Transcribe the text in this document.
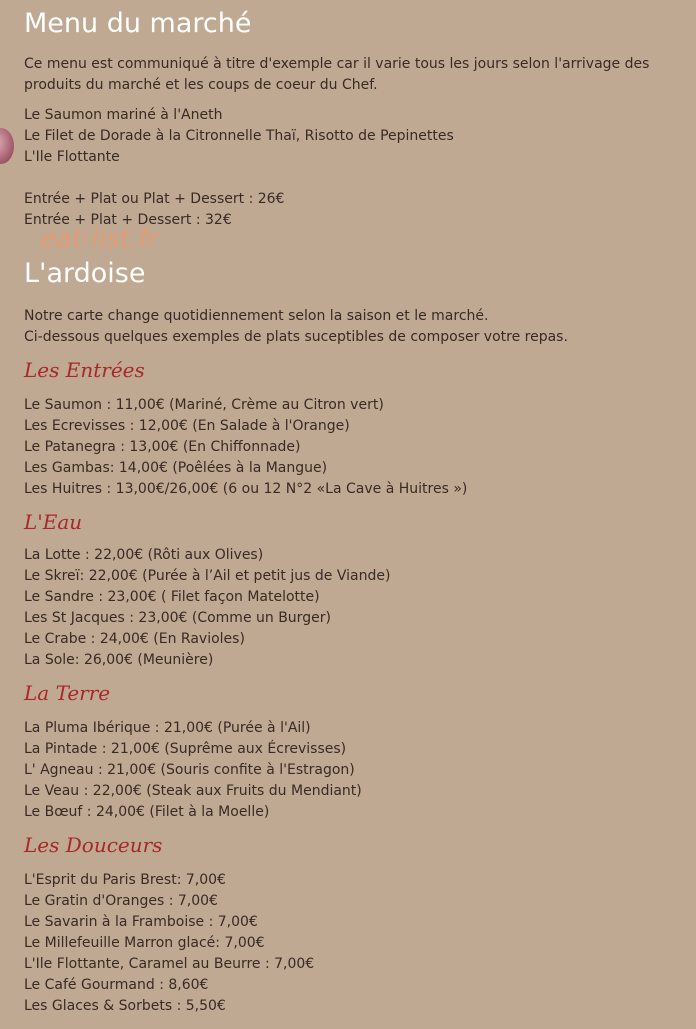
eat-list.fr
Menu du marché

Ce menu est communiqué à titre d'exemple car il varie tous les jours selon l'arrivage des produits du marché et les coups de coeur du Chef.

Le Saumon mariné à l'Aneth
Le Filet de Dorade à la Citronnelle Thaï, Risotto de Pepinettes
L'Ile Flottante
Entrée + Plat ou Plat + Dessert : 26€
Entrée + Plat + Dessert : 32€
L'ardoise

Notre carte change quotidiennement selon la saison et le marché.

Ci-dessous quelques exemples de plats suceptibles de composer votre repas.

Les Entrées
Le Saumon : 11,00€ (Mariné, Crème au Citron vert)
Les Ecrevisses : 12,00€ (En Salade à l'Orange)
Le Patanegra : 13,00€ (En Chiffonnade)
Les Gambas: 14,00€ (Poêlées à la Mangue)
Les Huitres : 13,00€/26,00€ (6 ou 12 N°2 «La Cave à Huitres »)
L'Eau
La Lotte : 22,00€ (Rôti aux Olives)
Le Skreï: 22,00€ (Purée à l’Ail et petit jus de Viande)
Le Sandre : 23,00€ ( Filet façon Matelotte)
Les St Jacques : 23,00€ (Comme un Burger)
Le Crabe : 24,00€ (En Ravioles)
La Sole: 26,00€ (Meunière)
La Terre
La Pluma Ibérique : 21,00€ (Purée à l'Ail)
La Pintade : 21,00€ (Suprême aux Écrevisses)
L' Agneau : 21,00€ (Souris confite à l'Estragon)
Le Veau : 22,00€ (Steak aux Fruits du Mendiant)
Le Bœuf : 24,00€ (Filet à la Moelle)
Les Douceurs
L'Esprit du Paris Brest: 7,00€
Le Gratin d'Oranges : 7,00€
Le Savarin à la Framboise : 7,00€
Le Millefeuille Marron glacé: 7,00€
L'Ile Flottante, Caramel au Beurre : 7,00€
Le Café Gourmand : 8,60€
Les Glaces & Sorbets : 5,50€
